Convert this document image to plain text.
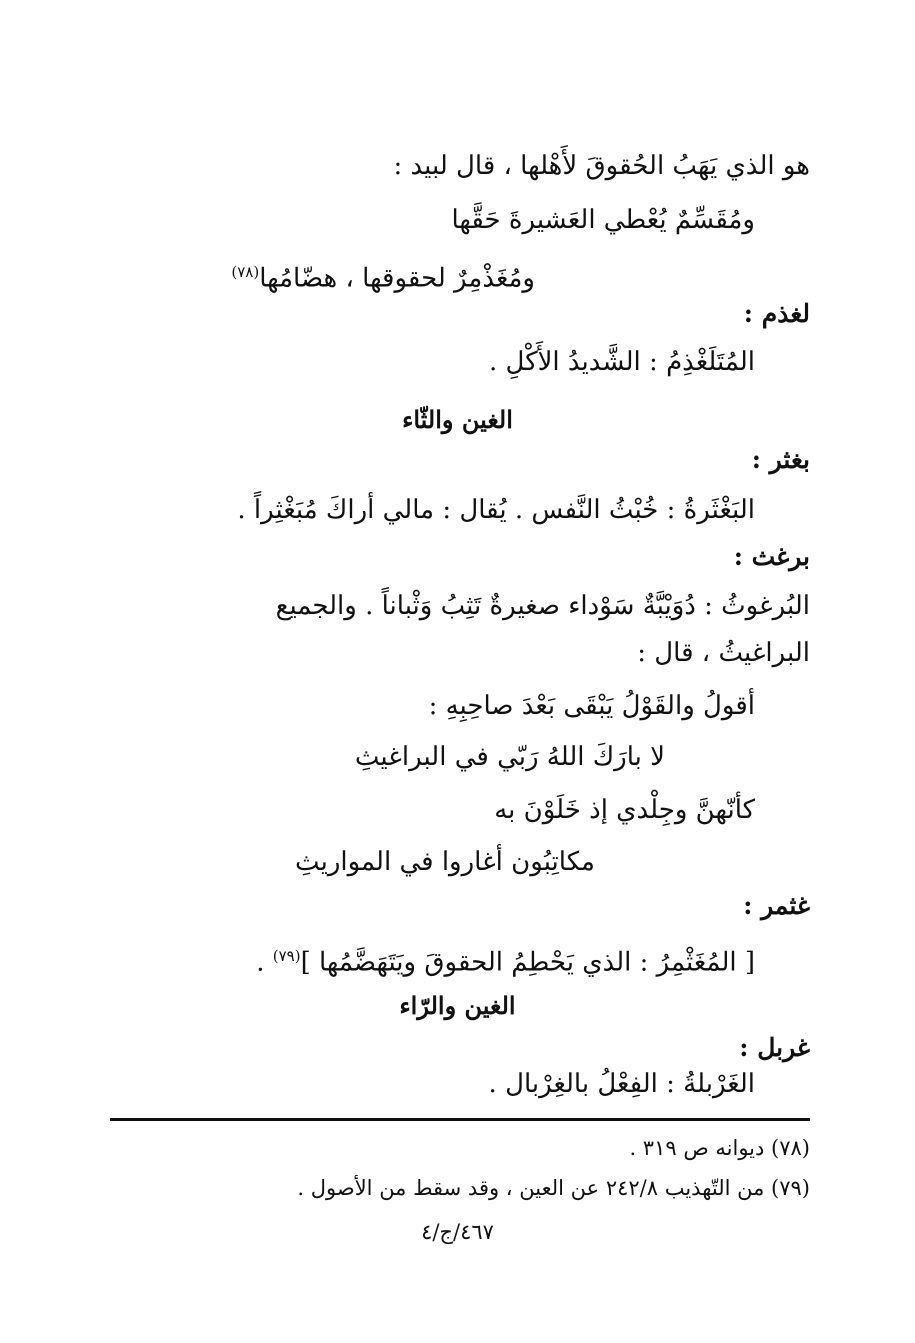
هو الذي يَهَبُ الحُقوقَ لأَهْلها ، قال لبيد :
ومُقَسِّمٌ يُعْطي العَشيرةَ حَقَّها
ومُغَذْمِرٌ لحقوقها ، هضّامُها$^{(٧٨)}$
لغذم :
المُتَلَغْذِمُ : الشَّديدُ الأَكْلِ .
الغين والثّاء
بغثر :
البَغْثَرةُ : خُبْثُ النَّفس . يُقال : مالي أراكَ مُبَغْثِراً .
برغث :
البُرغوثُ : دُوَيْبَّةٌ سَوْداء صغيرةٌ تَثِبُ وَثْباناً . والجميع
البراغيثُ ، قال :
أقولُ والقَوْلُ يَبْقَى بَعْدَ صاحِبِهِ :
لا بارَكَ اللهُ رَبّي في البراغيثِ
كأنّهنَّ وجِلْدي إذ خَلَوْنَ به
مكاتِبُون أغاروا في المواريثِ
غثمر :
[ المُغَثْمِرُ : الذي يَحْطِمُ الحقوقَ ويَتَهَضَّمُها ]$^{(٧٩)}$ .
الغين والرّاء
غربل :
الغَرْبلةُ : الفِعْلُ بالغِرْبال .
(٧٨) ديوانه ص ٣١٩ .
(٧٩) من التّهذيب ٢٤٢/٨ عن العين ، وقد سقط من الأصول .
٤٦٧/ج/٤
